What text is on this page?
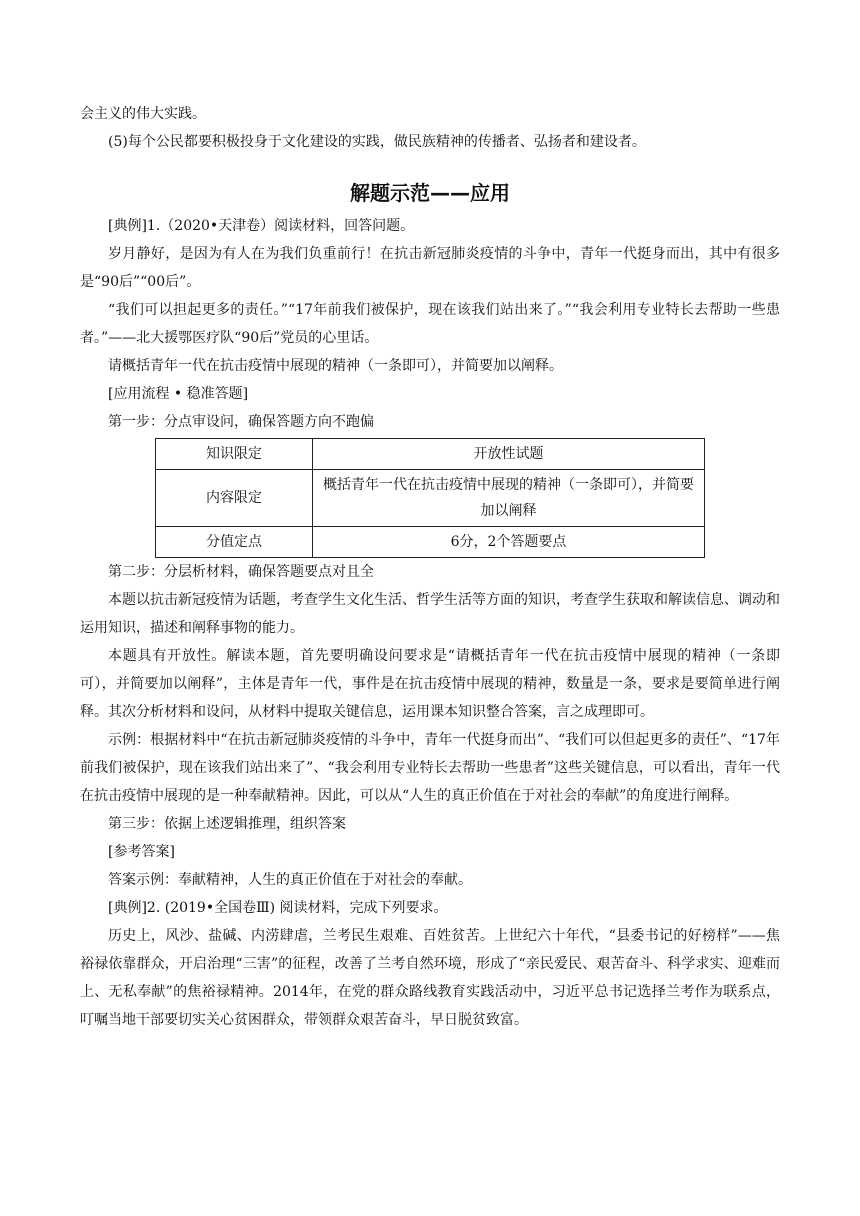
会主义的伟大实践。

(5)每个公民都要积极投身于文化建设的实践，做民族精神的传播者、弘扬者和建设者。

解题示范——应用

[典例]1.（2020•天津卷）阅读材料，回答问题。

岁月静好，是因为有人在为我们负重前行！在抗击新冠肺炎疫情的斗争中，青年一代挺身而出，其中有很多是“90后”“00后”。

“我们可以担起更多的责任。”“17年前我们被保护，现在该我们站出来了。”“我会利用专业特长去帮助一些患者。”——北大援鄂医疗队“90后”党员的心里话。

请概括青年一代在抗击疫情中展现的精神（一条即可），并简要加以阐释。

[应用流程 • 稳准答题]

第一步：分点审设问，确保答题方向不跑偏

知识限定	开放性试题
内容限定	概括青年一代在抗击疫情中展现的精神（一条即可），并简要加以阐释
分值定点	6分，2个答题要点

第二步：分层析材料，确保答题要点对且全

本题以抗击新冠疫情为话题，考查学生文化生活、哲学生活等方面的知识，考查学生获取和解读信息、调动和运用知识，描述和阐释事物的能力。

本题具有开放性。解读本题，首先要明确设问要求是“请概括青年一代在抗击疫情中展现的精神（一条即可），并简要加以阐释”，主体是青年一代，事件是在抗击疫情中展现的精神，数量是一条，要求是要简单进行阐释。其次分析材料和设问，从材料中提取关键信息，运用课本知识整合答案，言之成理即可。

示例：根据材料中“在抗击新冠肺炎疫情的斗争中，青年一代挺身而出”、“我们可以但起更多的责任”、“17年前我们被保护，现在该我们站出来了”、“我会利用专业特长去帮助一些患者”这些关键信息，可以看出，青年一代在抗击疫情中展现的是一种奉献精神。因此，可以从“人生的真正价值在于对社会的奉献”的角度进行阐释。

第三步：依据上述逻辑推理，组织答案

[参考答案]

答案示例：奉献精神，人生的真正价值在于对社会的奉献。

[典例]2. (2019•全国卷Ⅲ) 阅读材料，完成下列要求。

历史上，风沙、盐碱、内涝肆虐，兰考民生艰难、百姓贫苦。上世纪六十年代，“县委书记的好榜样”——焦裕禄依靠群众，开启治理“三害”的征程，改善了兰考自然环境，形成了“亲民爱民、艰苦奋斗、科学求实、迎难而上、无私奉献”的焦裕禄精神。2014年，在党的群众路线教育实践活动中，习近平总书记选择兰考作为联系点，叮嘱当地干部要切实关心贫困群众，带领群众艰苦奋斗，早日脱贫致富。
